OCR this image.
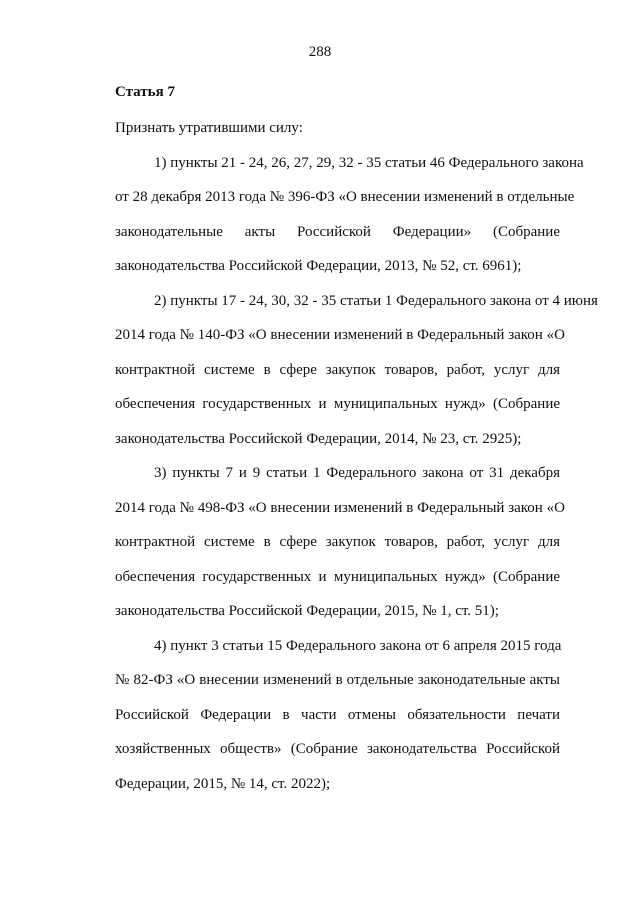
288
Статья 7

Признать утратившими силу:

1) пункты 21 - 24, 26, 27, 29, 32 - 35 статьи 46 Федерального закона
от 28 декабря 2013 года № 396-ФЗ «О внесении изменений в отдельные
законодательные акты Российской Федерации» (Собрание
законодательства Российской Федерации, 2013, № 52, ст. 6961);

2) пункты 17 - 24, 30, 32 - 35 статьи 1 Федерального закона от 4 июня
2014 года № 140-ФЗ «О внесении изменений в Федеральный закон «О
контрактной системе в сфере закупок товаров, работ, услуг для
обеспечения государственных и муниципальных нужд» (Собрание
законодательства Российской Федерации, 2014, № 23, ст. 2925);

3) пункты 7 и 9 статьи 1 Федерального закона от 31 декабря
2014 года № 498-ФЗ «О внесении изменений в Федеральный закон «О
контрактной системе в сфере закупок товаров, работ, услуг для
обеспечения государственных и муниципальных нужд» (Собрание
законодательства Российской Федерации, 2015, № 1, ст. 51);

4) пункт 3 статьи 15 Федерального закона от 6 апреля 2015 года
№ 82-ФЗ «О внесении изменений в отдельные законодательные акты
Российской Федерации в части отмены обязательности печати
хозяйственных обществ» (Собрание законодательства Российской
Федерации, 2015, № 14, ст. 2022);
